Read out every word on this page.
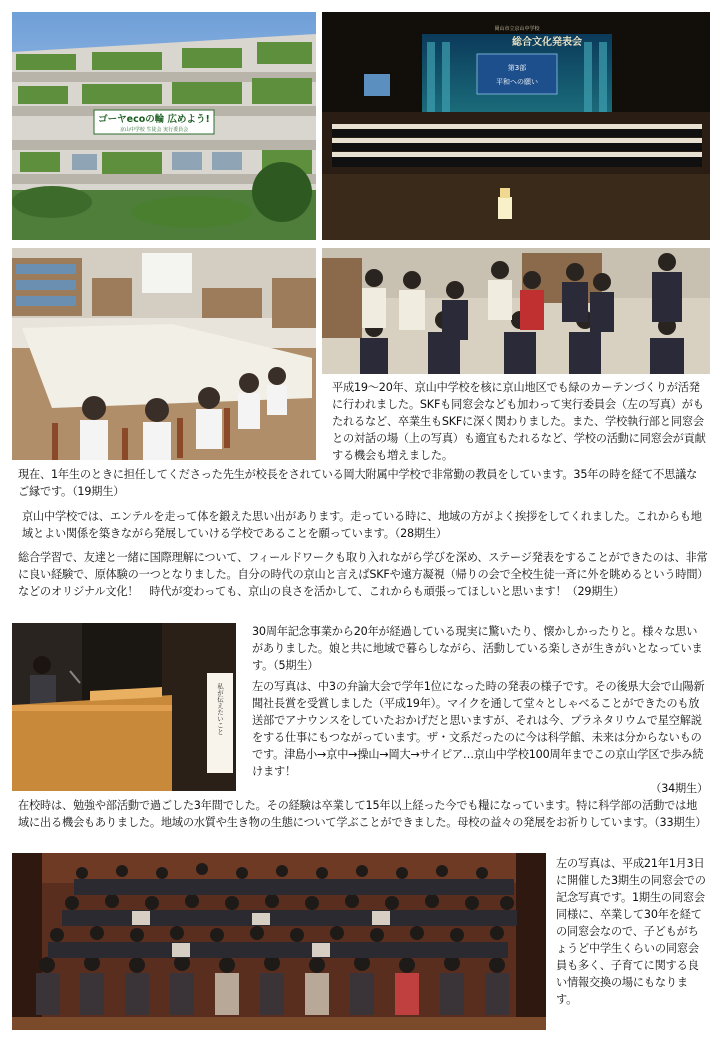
ゴーヤecoの輪 広めよう!
京山中学校 生徒会 実行委員会
岡山市立京山中学校
総合文化発表会
第3部
平和への願い

平成19～20年、京山中学校を核に京山地区でも緑のカーテンづくりが活発に行われました。SKFも同窓会なども加わって実行委員会（左の写真）がもたれるなど、卒業生もSKFに深く関わりました。また、学校執行部と同窓会との対話の場（上の写真）も適宜もたれるなど、学校の活動に同窓会が貢献する機会も増えました。

現在、1年生のときに担任してくださった先生が校長をされている岡大附属中学校で非常勤の教員をしています。35年の時を経て不思議なご縁です。（19期生）

京山中学校では、エンテルを走って体を鍛えた思い出があります。走っている時に、地域の方がよく挨拶をしてくれました。これからも地域とよい関係を築きながら発展していける学校であることを願っています。（28期生）

総合学習で、友達と一緒に国際理解について、フィールドワークも取り入れながら学びを深め、ステージ発表をすることができたのは、非常に良い経験で、原体験の一つとなりました。自分の時代の京山と言えばSKFや遠方凝視（帰りの会で全校生徒一斉に外を眺めるという時間）などのオリジナル文化！　時代が変わっても、京山の良さを活かして、これからも頑張ってほしいと思います！（29期生）

私が伝えたいこと

30周年記念事業から20年が経過している現実に驚いたり、懐かしかったりと。様々な思いがありました。娘と共に地域で暮らしながら、活動している楽しさが生きがいとなっています。（5期生）

左の写真は、中3の弁論大会で学年1位になった時の発表の様子です。その後県大会で山陽新聞社長賞を受賞しました（平成19年）。マイクを通して堂々としゃべることができたのも放送部でアナウンスをしていたおかげだと思いますが、それは今、プラネタリウムで星空解説をする仕事にもつながっています。ザ・文系だったのに今は科学館、未来は分からないものです。津島小→京中→操山→岡大→サイピア…京山中学校100周年までこの京山学区で歩み続けます！
（34期生）

在校時は、勉強や部活動で過ごした3年間でした。その経験は卒業して15年以上経った今でも糧になっています。特に科学部の活動では地域に出る機会もありました。地域の水質や生き物の生態について学ぶことができました。母校の益々の発展をお祈りしています。（33期生）

左の写真は、平成21年1月3日に開催した3期生の同窓会での記念写真です。1期生の同窓会同様に、卒業して30年を経ての同窓会なので、子どもがちょうど中学生くらいの同窓会員も多く、子育てに関する良い情報交換の場にもなります。
